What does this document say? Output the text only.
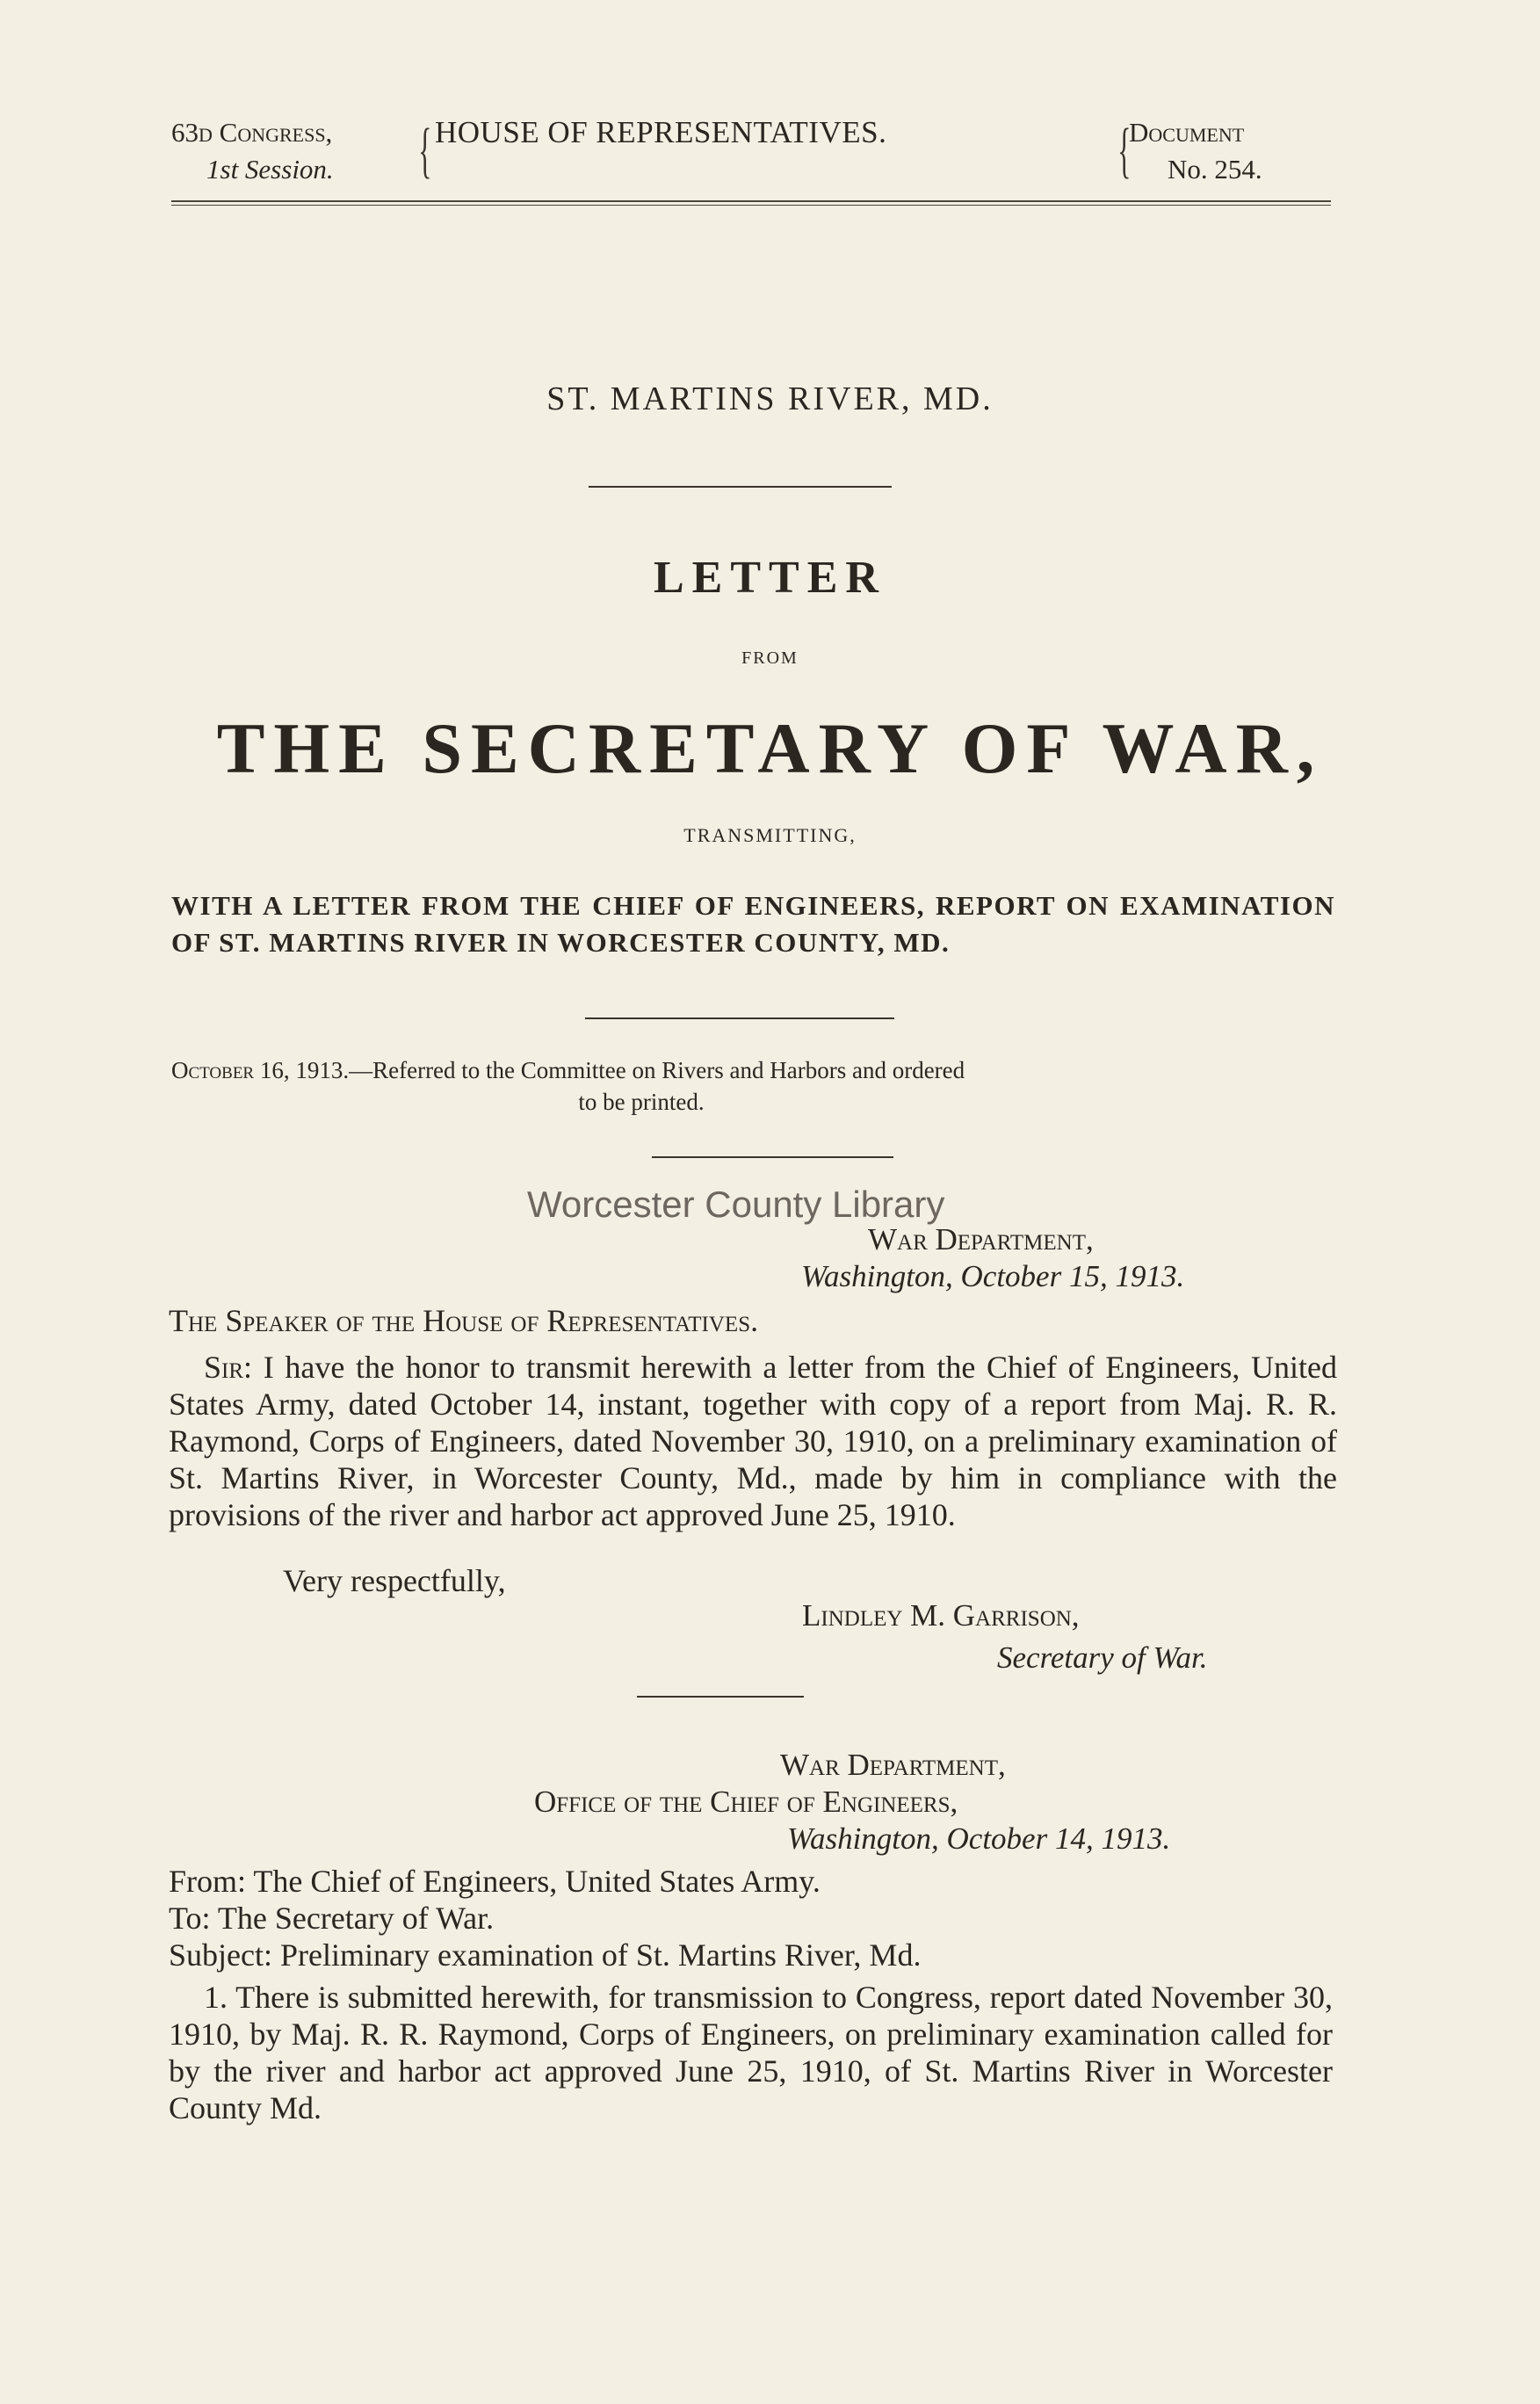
63d Congress,
1st Session. { HOUSE OF REPRESENTATIVES.	{
Document
No. 254.
ST. MARTINS RIVER, MD.
LETTER
FROM
THE SECRETARY OF WAR,
TRANSMITTING,
WITH A LETTER FROM THE CHIEF OF ENGINEERS, REPORT ON EXAMINATION OF ST. MARTINS RIVER IN WORCESTER COUNTY, MD.
October 16, 1913.—Referred to the Committee on Rivers and Harbors and ordered
to be printed.
Worcester County Library
War Department,
Washington, October 15, 1913.
The Speaker of the House of Representatives.
Sir: I have the honor to transmit herewith a letter from the Chief of Engineers, United States Army, dated October 14, instant, together with copy of a report from Maj. R. R. Raymond, Corps of Engineers, dated November 30, 1910, on a preliminary examination of St. Martins River, in Worcester County, Md., made by him in compliance with the provisions of the river and harbor act approved June 25, 1910.
Very respectfully,
Lindley M. Garrison,
Secretary of War.
War Department,
Office of the Chief of Engineers,
Washington, October 14, 1913.
From: The Chief of Engineers, United States Army.
To: The Secretary of War.
Subject: Preliminary examination of St. Martins River, Md.
1. There is submitted herewith, for transmission to Congress, report dated November 30, 1910, by Maj. R. R. Raymond, Corps of Engineers, on preliminary examination called for by the river and harbor act approved June 25, 1910, of St. Martins River in Worcester County Md.
